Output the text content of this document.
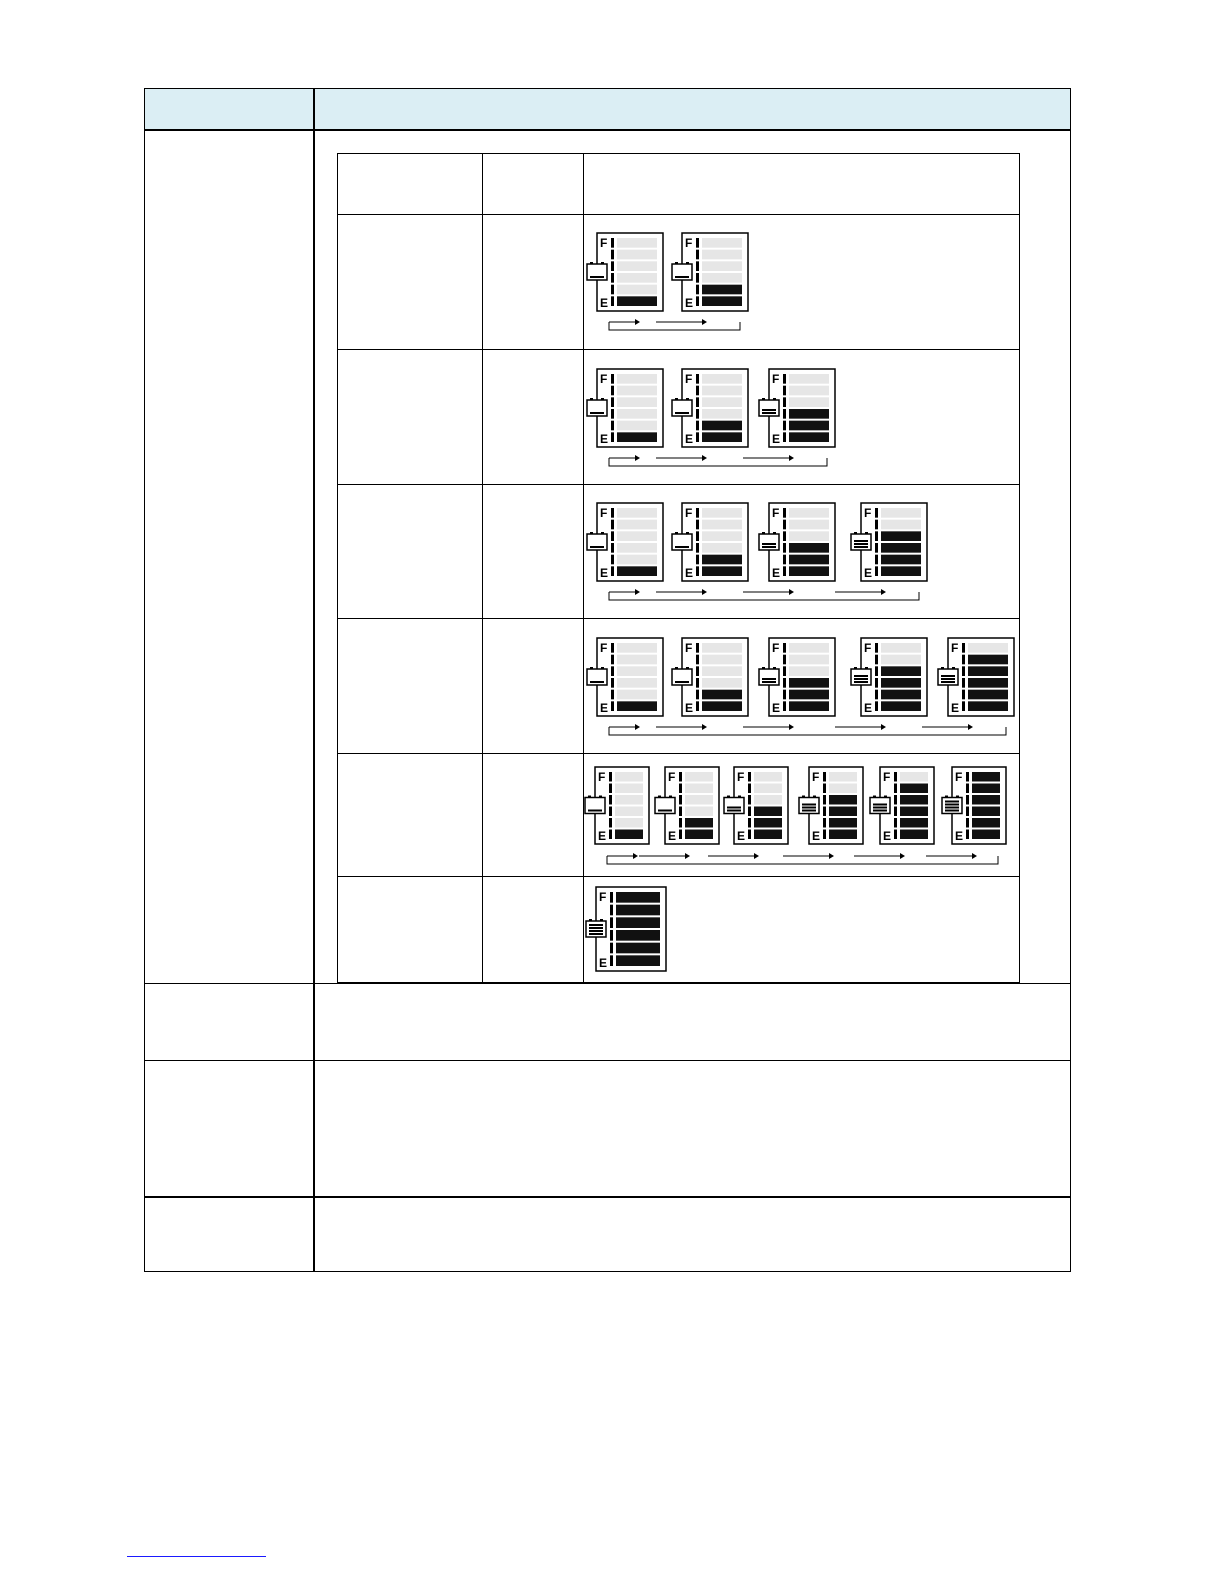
F
E
F
E
F
E
F
E
F
E
F
E
F
E
F
E
F
E
F
E
F
E
F
E
F
E
F
E
F
E
F
E
F
E
F
E
F
E
F
E
F
E
